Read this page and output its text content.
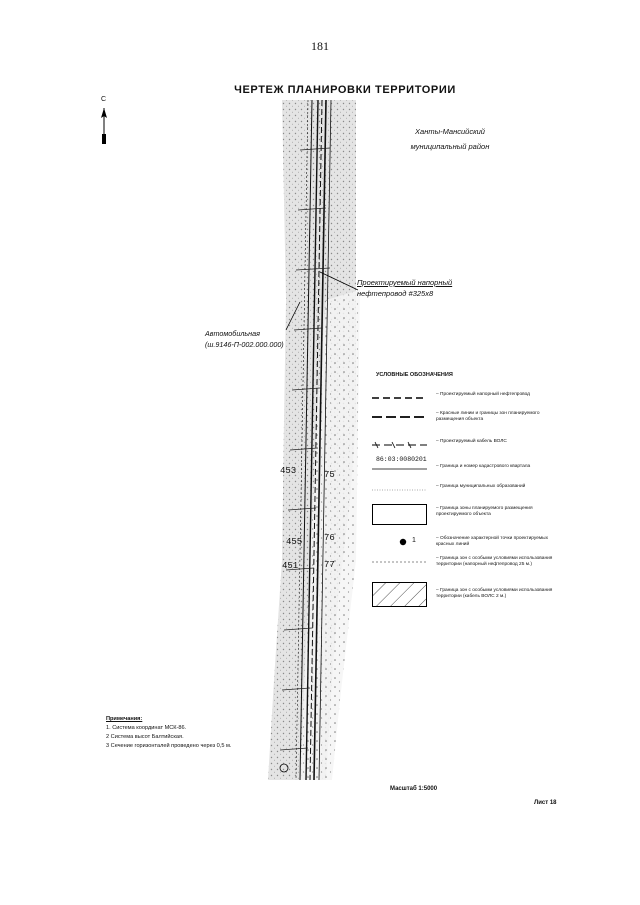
181
ЧЕРТЕЖ ПЛАНИРОВКИ ТЕРРИТОРИИ
С
453
455
451
75
76
77
Ханты-Мансийский
муниципальный район
Проектируемый напорный
нефтепровод #325x8
Автомобильная
(ш.9146-П-002.000.000)
УСЛОВНЫЕ ОБОЗНАЧЕНИЯ
– Проектируемый напорный нефтепровод
– Красные линии и границы зон планируемого размещения объекта
– Проектируемый кабель ВОЛС
86:03:0080201
– Граница и номер кадастрового квартала
– Граница муниципальных образований
– Граница зоны планируемого размещения проектируемого объекта
1	– Обозначение характерной точки проектируемых красных линий
– Граница зон с особыми условиями использования территории (напорный нефтепровод 25 м.)
– Граница зон с особыми условиями использования территории (кабель ВОЛС 2 м.)
Примечания:
1. Система координат МСК-86.
2 Система высот Балтийская.
3 Сечение горизонталей проведено через 0,5 м.
Масштаб 1:5000
Лист 18
